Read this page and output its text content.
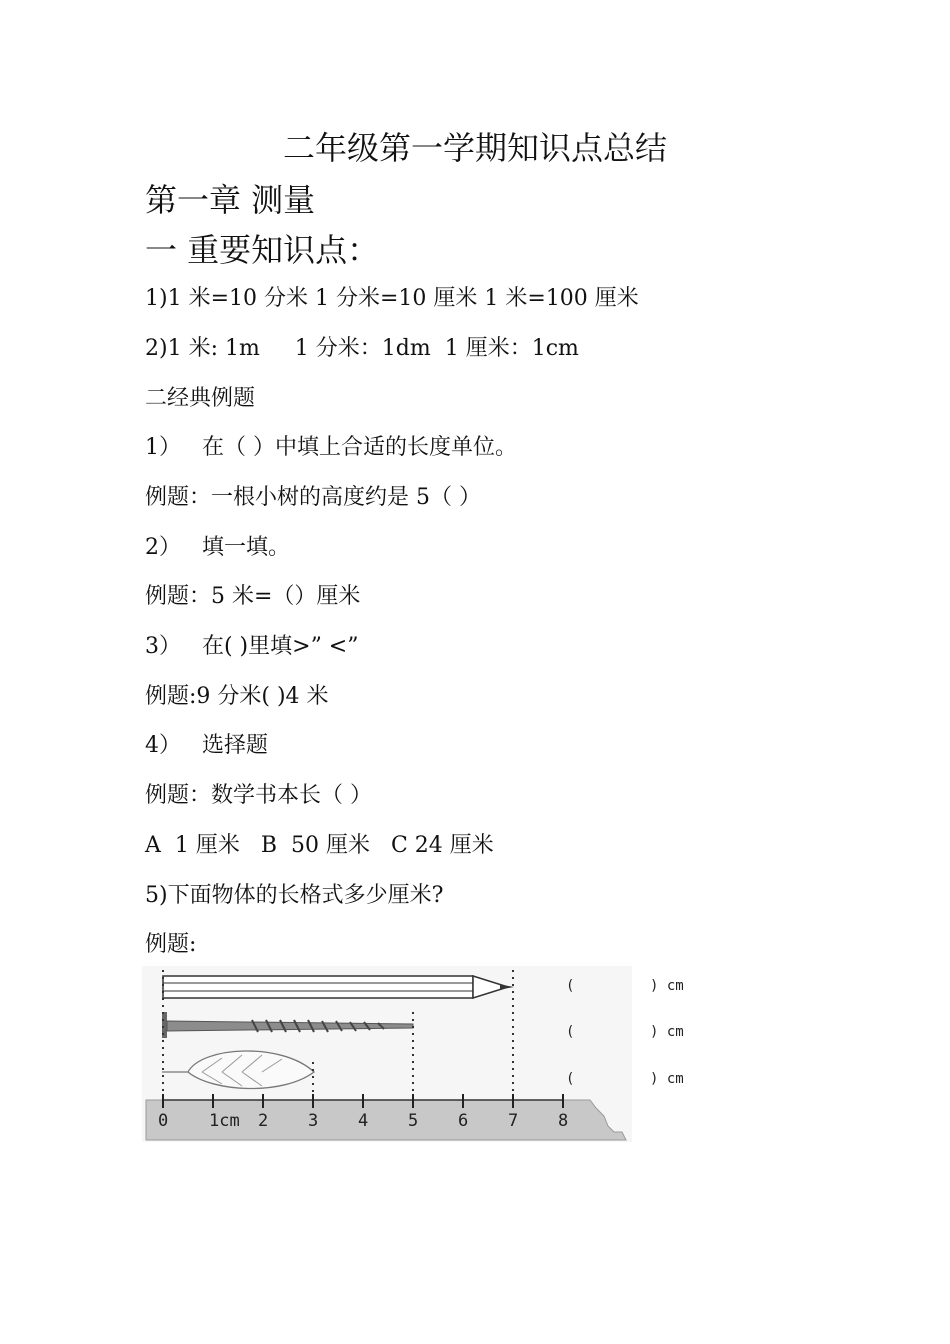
二年级第一学期知识点总结
第一章 测量
一 重要知识点：
1)1 米=10 分米 1 分米=10 厘米 1 米=100 厘米
2)1 米: 1m     1 分米：1dm  1 厘米：1cm
二经典例题
1）   在（ ）中填上合适的长度单位。
例题：一根小树的高度约是 5（ ）
2）   填一填。
例题：5 米=（）厘米
3）   在( )里填>” <”
例题:9 分米( )4 米
4）   选择题
例题：数学书本长（ ）
A  1 厘米   B  50 厘米   C 24 厘米
5)下面物体的长格式多少厘米?
例题:
0 1cm 2 3 4 5 6 7 8
(	) cm
(	) cm
(	) cm
